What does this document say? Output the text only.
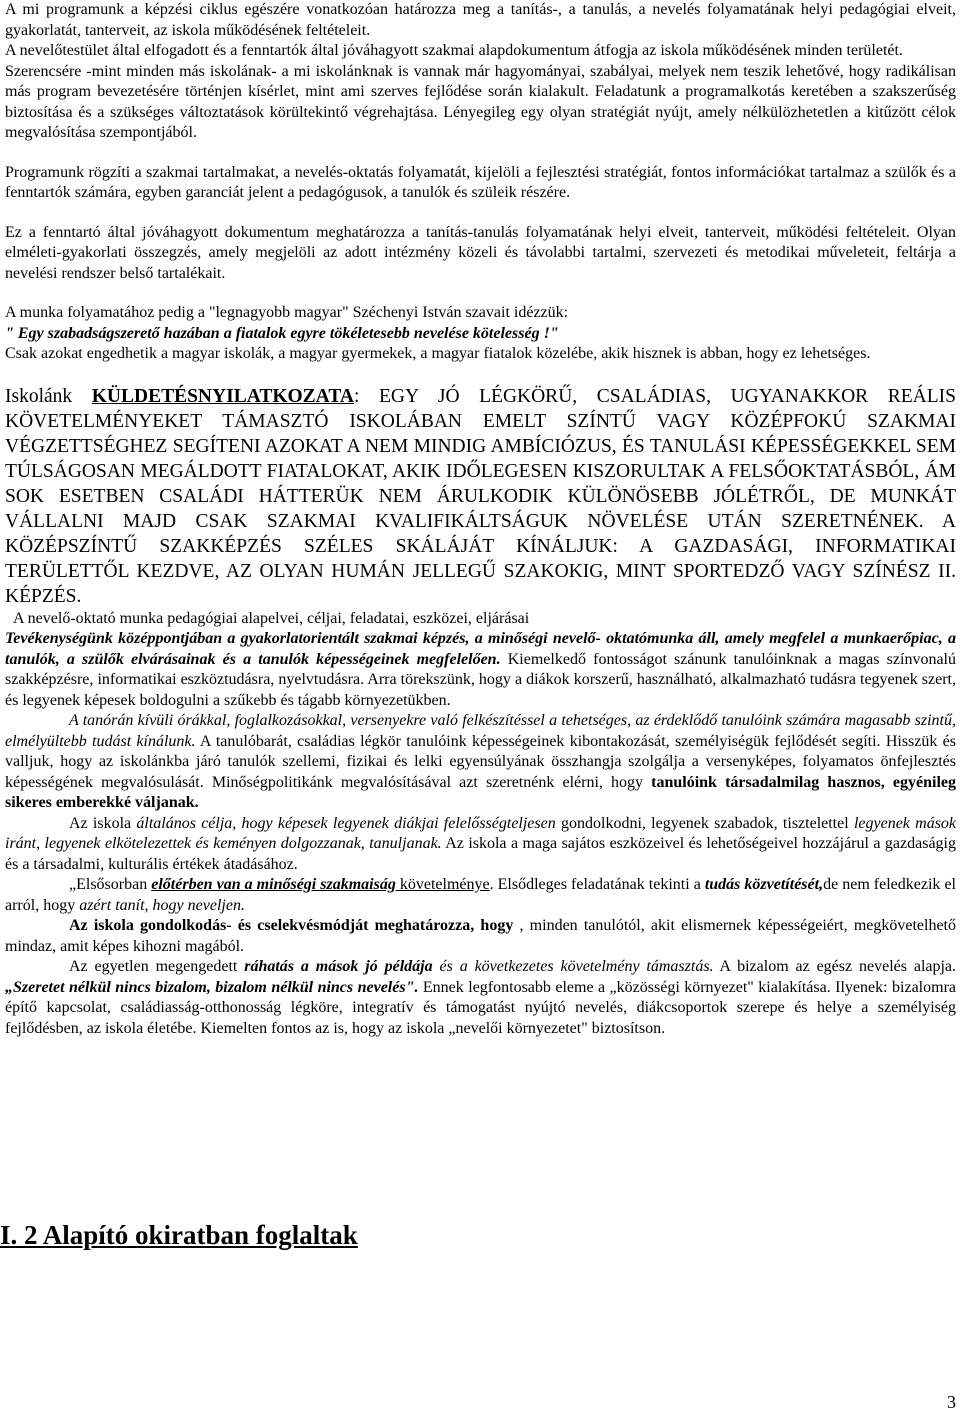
A mi programunk a képzési ciklus egészére vonatkozóan határozza meg a tanítás-, a tanulás, a nevelés folyamatának helyi pedagógiai elveit, gyakorlatát, tanterveit, az iskola működésének feltételeit.

A nevelőtestület által elfogadott és a fenntartók által jóváhagyott szakmai alapdokumentum átfogja az iskola működésének minden területét.

Szerencsére -mint minden más iskolának- a mi iskolánknak is vannak már hagyományai, szabályai, melyek nem teszik lehetővé, hogy radikálisan más program bevezetésére történjen kísérlet, mint ami szerves fejlődése során kialakult. Feladatunk a programalkotás keretében a szakszerűség biztosítása és a szükséges változtatások körültekintő végrehajtása. Lényegileg egy olyan stratégiát nyújt, amely nélkülözhetetlen a kitűzött célok megvalósítása szempontjából.

Programunk rögzíti a szakmai tartalmakat, a nevelés-oktatás folyamatát, kijelöli a fejlesztési stratégiát, fontos információkat tartalmaz a szülők és a fenntartók számára, egyben garanciát jelent a pedagógusok, a tanulók és szüleik részére.

Ez a fenntartó által jóváhagyott dokumentum meghatározza a tanítás-tanulás folyamatának helyi elveit, tanterveit, működési feltételeit. Olyan elméleti-gyakorlati összegzés, amely megjelöli az adott intézmény közeli és távolabbi tartalmi, szervezeti és metodikai műveleteit, feltárja a nevelési rendszer belső tartalékait.

A munka folyamatához pedig a "legnagyobb magyar" Széchenyi István szavait idézzük:

" Egy szabadságszerető hazában a fiatalok egyre tökéletesebb nevelése kötelesség !"

Csak azokat engedhetik a magyar iskolák, a magyar gyermekek, a magyar fiatalok közelébe, akik hisznek is abban, hogy ez lehetséges.

Iskolánk KÜLDETÉSNYILATKOZATA: EGY JÓ LÉGKÖRŰ, CSALÁDIAS, UGYANAKKOR REÁLIS KÖVETELMÉNYEKET TÁMASZTÓ ISKOLÁBAN EMELT SZÍNTŰ VAGY KÖZÉPFOKÚ SZAKMAI VÉGZETTSÉGHEZ SEGÍTENI AZOKAT A NEM MINDIG AMBÍCIÓZUS, ÉS TANULÁSI KÉPESSÉGEKKEL SEM TÚLSÁGOSAN MEGÁLDOTT FIATALOKAT, AKIK IDŐLEGESEN KISZORULTAK A FELSŐOKTATÁSBÓL, ÁM SOK ESETBEN CSALÁDI HÁTTERÜK NEM ÁRULKODIK KÜLÖNÖSEBB JÓLÉTRŐL, DE MUNKÁT VÁLLALNI MAJD CSAK SZAKMAI KVALIFIKÁLTSÁGUK NÖVELÉSE UTÁN SZERETNÉNEK. A KÖZÉPSZÍNTŰ SZAKKÉPZÉS SZÉLES SKÁLÁJÁT KÍNÁLJUK: A GAZDASÁGI, INFORMATIKAI TERÜLETTŐL KEZDVE, AZ OLYAN HUMÁN JELLEGŰ SZAKOKIG, MINT SPORTEDZŐ VAGY SZÍNÉSZ II. KÉPZÉS.

A nevelő-oktató munka pedagógiai alapelvei, céljai, feladatai, eszközei, eljárásai

Tevékenységünk középpontjában a gyakorlatorientált szakmai képzés, a minőségi nevelő- oktatómunka áll, amely megfelel a munkaerőpiac, a tanulók, a szülők elvárásainak és a tanulók képességeinek megfelelően. Kiemelkedő fontosságot szánunk tanulóinknak a magas színvonalú szakképzésre, informatikai eszköztudásra, nyelvtudásra. Arra törekszünk, hogy a diákok korszerű, használható, alkalmazható tudásra tegyenek szert, és legyenek képesek boldogulni a szűkebb és tágabb környezetükben.

A tanórán kívüli órákkal, foglalkozásokkal, versenyekre való felkészítéssel a tehetséges, az érdeklődő tanulóink számára magasabb szintű, elmélyültebb tudást kínálunk. A tanulóbarát, családias légkör tanulóink képességeinek kibontakozását, személyiségük fejlődését segíti. Hisszük és valljuk, hogy az iskolánkba járó tanulók szellemi, fizikai és lelki egyensúlyának összhangja szolgálja a versenyképes, folyamatos önfejlesztés képességének megvalósulását. Minőségpolitikánk megvalósításával azt szeretnénk elérni, hogy tanulóink társadalmilag hasznos, egyénileg sikeres emberekké váljanak.

Az iskola általános célja, hogy képesek legyenek diákjai felelősségteljesen gondolkodni, legyenek szabadok, tisztelettel legyenek mások iránt, legyenek elkötelezettek és keményen dolgozzanak, tanuljanak. Az iskola a maga sajátos eszközeivel és lehetőségeivel hozzájárul a gazdaságig és a társadalmi, kulturális értékek átadásához.

„Elsősorban előtérben van a minőségi szakmaiság követelménye. Elsődleges feladatának tekinti a tudás közvetítését,de nem feledkezik el arról, hogy azért tanít, hogy neveljen.

Az iskola gondolkodás- és cselekvésmódját meghatározza, hogy , minden tanulótól, akit elismernek képességeiért, megkövetelhető mindaz, amit képes kihozni magából.

Az egyetlen megengedett ráhatás a mások jó példája és a következetes követelmény támasztás. A bizalom az egész nevelés alapja. „Szeretet nélkül nincs bizalom, bizalom nélkül nincs nevelés". Ennek legfontosabb eleme a „közösségi környezet" kialakítása. Ilyenek: bizalomra építő kapcsolat, családiasság-otthonosság légköre, integratív és támogatást nyújtó nevelés, diákcsoportok szerepe és helye a személyiség fejlődésben, az iskola életébe. Kiemelten fontos az is, hogy az iskola „nevelői környezetet" biztosítson.

I. 2 Alapító okiratban foglaltak
3
